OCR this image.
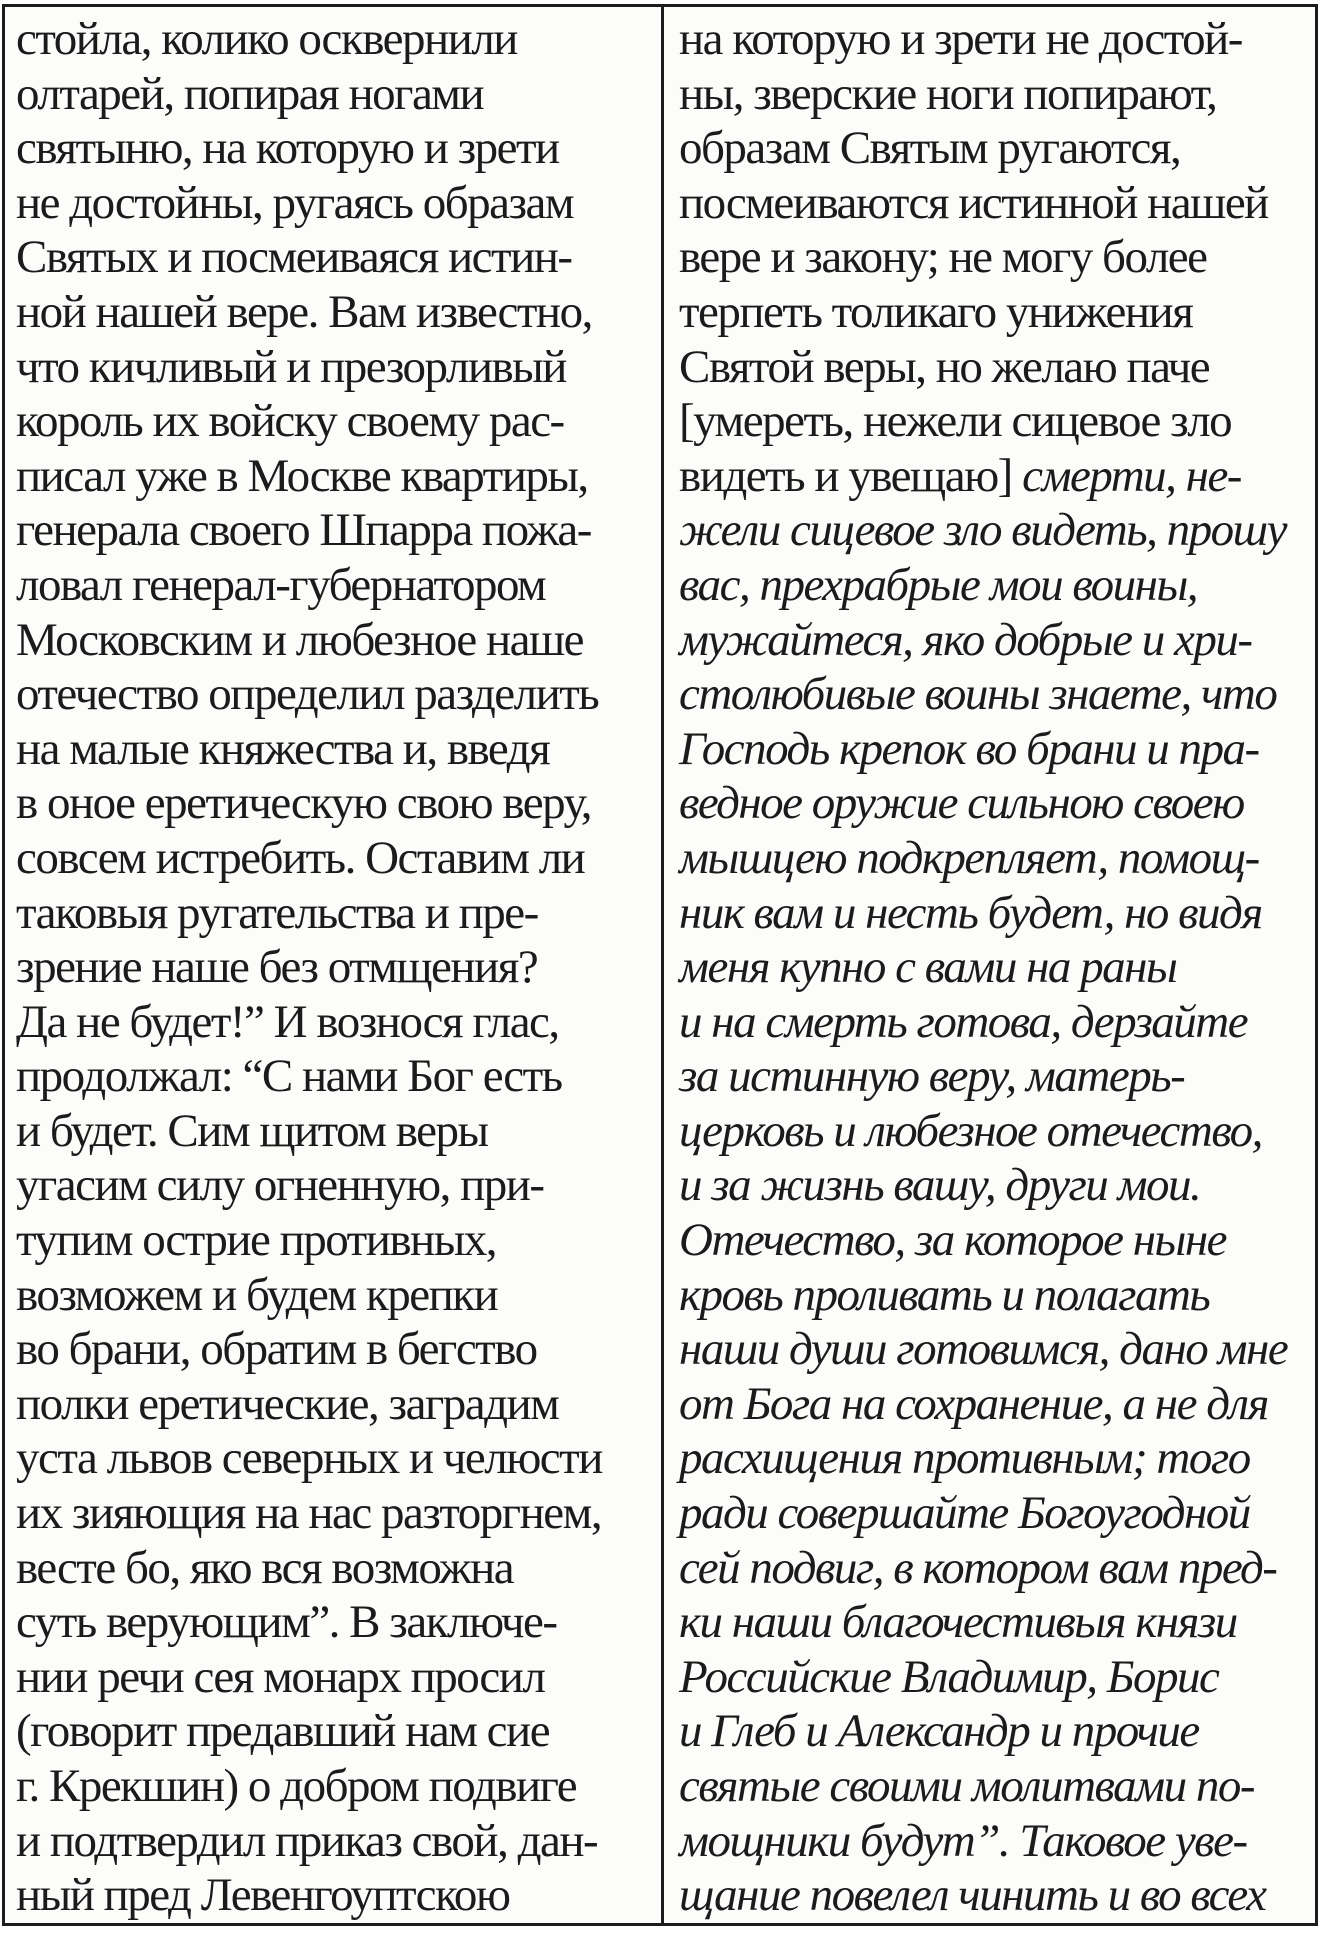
стойла, колико осквернили
олтарей, попирая ногами
святыню, на которую и зрети
не достойны, ругаясь образам
Святых и посмеиваяся истин-
ной нашей вере. Вам известно,
что кичливый и презорливый
король их войску своему рас-
писал уже в Москве квартиры,
генерала своего Шпарра пожа-
ловал генерал-губернатором
Московским и любезное наше
отечество определил разделить
на малые княжества и, введя
в оное еретическую свою веру,
совсем истребить. Оставим ли
таковыя ругательства и пре-
зрение наше без отмщения?
Да не будет!” И вознося глас,
продолжал: “С нами Бог есть
и будет. Сим щитом веры
угасим силу огненную, при-
тупим острие противных,
возможем и будем крепки
во брани, обратим в бегство
полки еретические, заградим
уста львов северных и челюсти
их зияющия на нас разторгнем,
весте бо, яко вся возможна
суть верующим”. В заключе-
нии речи сея монарх просил
(говорит предавший нам сие
г. Крекшин) о добром подвиге
и подтвердил приказ свой, дан-
ный пред Левенгоуптскою
на которую и зрети не достой-
ны, зверские ноги попирают,
образам Святым ругаются,
посмеиваются истинной нашей
вере и закону; не могу более
терпеть толикаго унижения
Святой веры, но желаю паче
[умереть, нежели сицевое зло
видеть и увещаю] смерти, не-
жели сицевое зло видеть, прошу
вас, прехрабрые мои воины,
мужайтеся, яко добрые и хри-
столюбивые воины знаете, что
Господь крепок во брани и пра-
ведное оружие сильною своею
мышцею подкрепляет, помощ-
ник вам и несть будет, но видя
меня купно с вами на раны
и на смерть готова, дерзайте
за истинную веру, матерь-
церковь и любезное отечество,
и за жизнь вашу, други мои.
Отечество, за которое ныне
кровь проливать и полагать
наши души готовимся, дано мне
от Бога на сохранение, а не для
расхищения противным; того
ради совершайте Богоугодной
сей подвиг, в котором вам пред-
ки наши благочестивыя князи
Российские Владимир, Борис
и Глеб и Александр и прочие
святые своими молитвами по-
мощники будут”. Таковое уве-
щание повелел чинить и во всех
